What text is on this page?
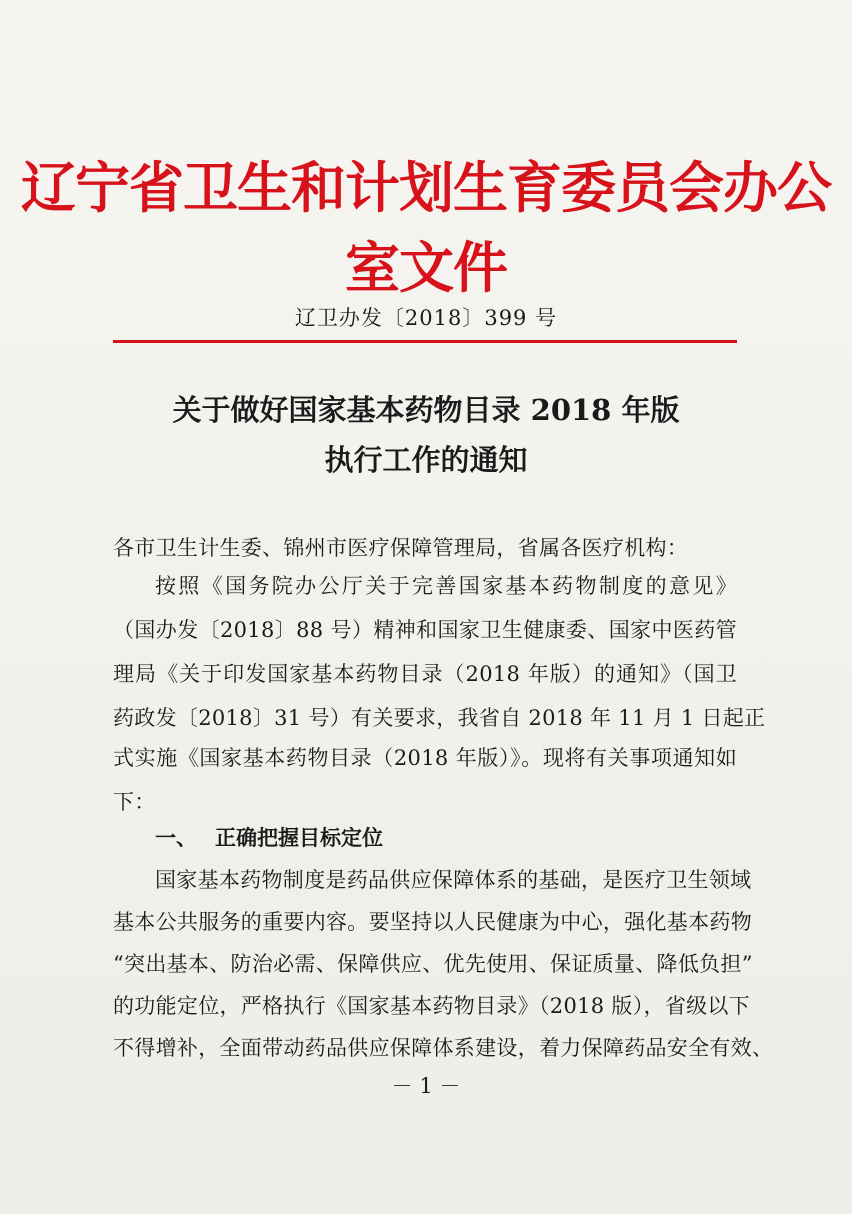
辽宁省卫生和计划生育委员会办公室文件
辽卫办发〔2018〕399 号
关于做好国家基本药物目录 2018 年版
执行工作的通知
各市卫生计生委、锦州市医疗保障管理局，省属各医疗机构：
按照《国务院办公厅关于完善国家基本药物制度的意见》
（国办发〔2018〕88 号）精神和国家卫生健康委、国家中医药管
理局《关于印发国家基本药物目录（2018 年版）的通知》（国卫
药政发〔2018〕31 号）有关要求，我省自 2018 年 11 月 1 日起正
式实施《国家基本药物目录（2018 年版）》。现将有关事项通知如
下：
一、 正确把握目标定位
国家基本药物制度是药品供应保障体系的基础，是医疗卫生领域
基本公共服务的重要内容。要坚持以人民健康为中心，强化基本药物
“突出基本、防治必需、保障供应、优先使用、保证质量、降低负担”
的功能定位，严格执行《国家基本药物目录》（2018 版），省级以下
不得增补，全面带动药品供应保障体系建设，着力保障药品安全有效、
－ 1 －
